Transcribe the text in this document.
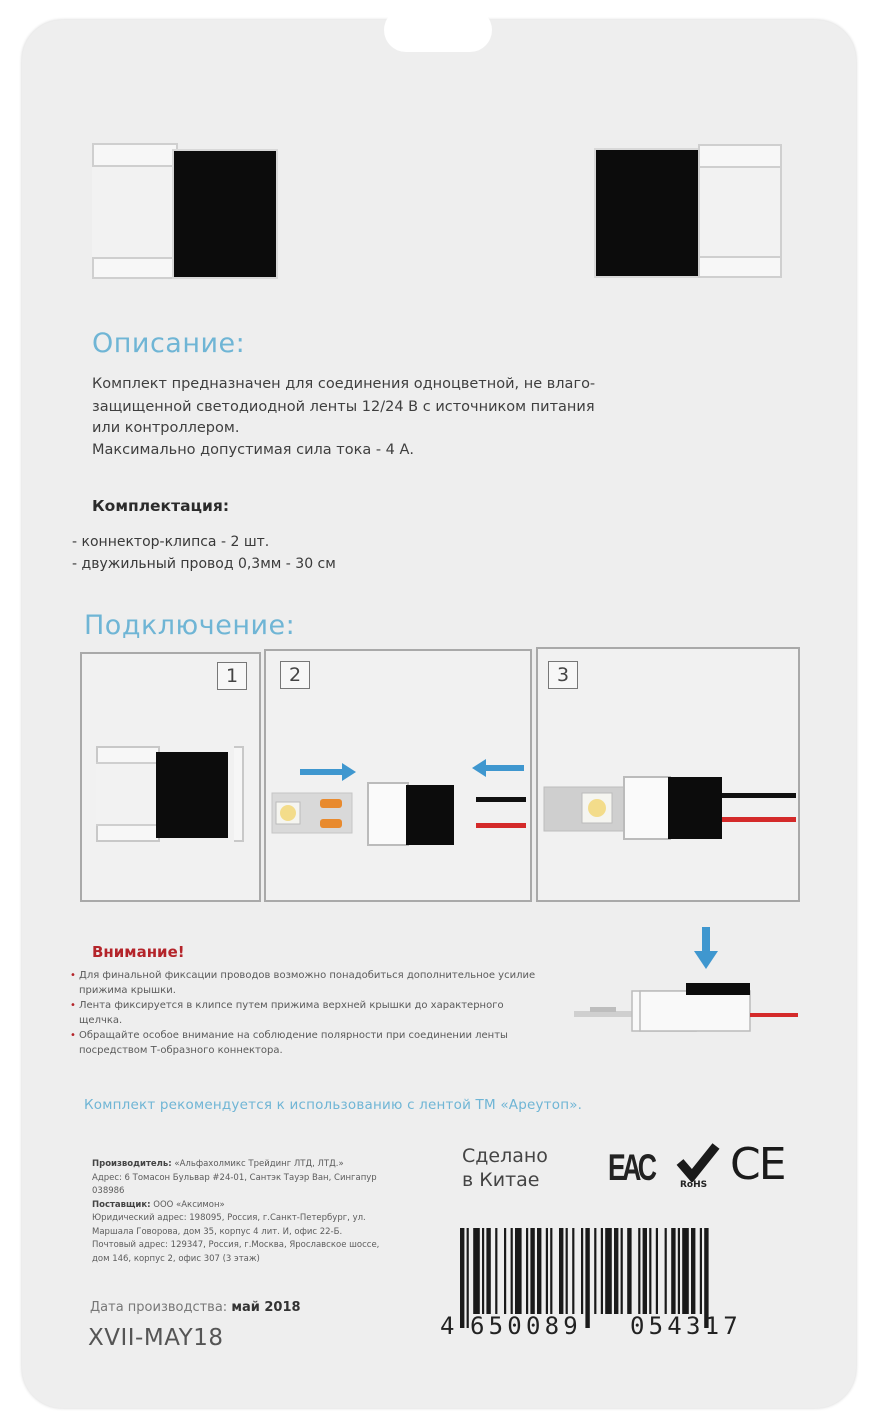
Описание:
Комплект предназначен для соединения одноцветной, не влаго-
защищенной светодиодной ленты 12/24 В с источником питания
или контроллером.
Максимально допустимая сила тока - 4 А.
Комплектация:
- коннектор-клипса - 2 шт.
- двужильный провод 0,3мм - 30 см
Подключение:
1	2	3
Внимание!
• Для финальной фиксации проводов возможно понадобиться дополнительное усилие прижима крышки.
• Лента фиксируется в клипсе путем прижима верхней крышки до характерного щелчка.
• Обращайте особое внимание на соблюдение полярности при соединении ленты посредством Т-образного коннектора.
Комплект рекомендуется к использованию с лентой ТМ «Apeyтоп».
Производитель: «Альфахолмикс Трейдинг ЛТД, ЛТД.»
Адрес: 6 Томасон Бульвар #24-01, Сантэк Тауэр Ван, Сингапур 038986
Поставщик: ООО «Аксимон»
Юридический адрес: 198095, Россия, г.Санкт-Петербург, ул. Маршала Говорова, дом 35, корпус 4 лит. И, офис 22-Б.
Почтовый адрес: 129347, Россия, г.Москва, Ярославское шоссе, дом 146, корпус 2, офис 307 (3 этаж)
Сделано
в Китае EAC	RoHS CE
4 650089 054317
Дата производства: май 2018
XVII-MAY18
